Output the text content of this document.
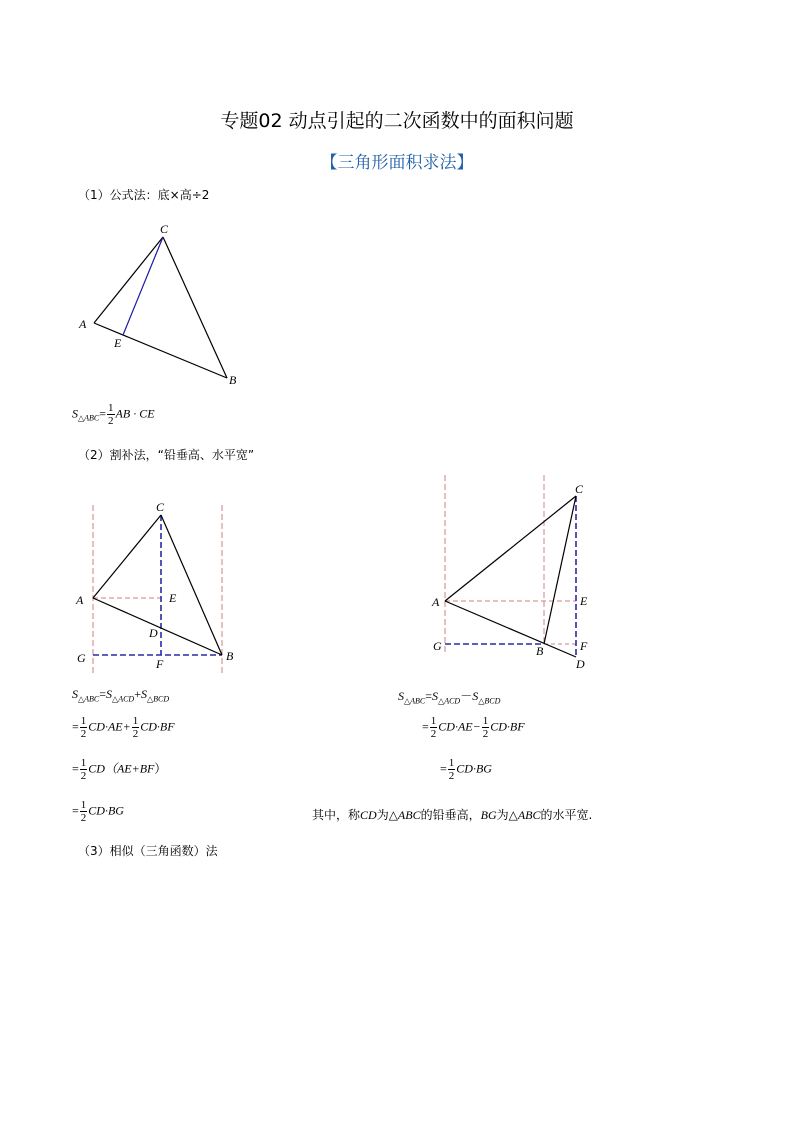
专题02 动点引起的二次函数中的面积问题
【三角形面积求法】
（1）公式法：底×高÷2
C
A
E
B
C
A	E
D
G	F
B
C
A	E
F
G	B
D
$S_{\triangle ABC}= \frac{1}{2}$ AB · CE
（2）割补法，“铅垂高、水平宽”
$S_{\triangle ABC}=S_{\triangle ACD}+S_{\triangle BCD}$
= $\frac{1}{2} CD\cdot AE+ \frac{1}{2} CD\cdot BF$
= $\frac{1}{2} CD(AE+BF)$
= $\frac{1}{2} CD\cdot BG$
$S_{\triangle ABC}=S_{\triangle ACD}-S_{\triangle BCD}$
= $\frac{1}{2} CD\cdot AE- \frac{1}{2} CD\cdot BF$
= $\frac{1}{2} CD\cdot BG$
其中，称CD为△ABC的铅垂高，BG为△ABC的水平宽.
（3）相似（三角函数）法
